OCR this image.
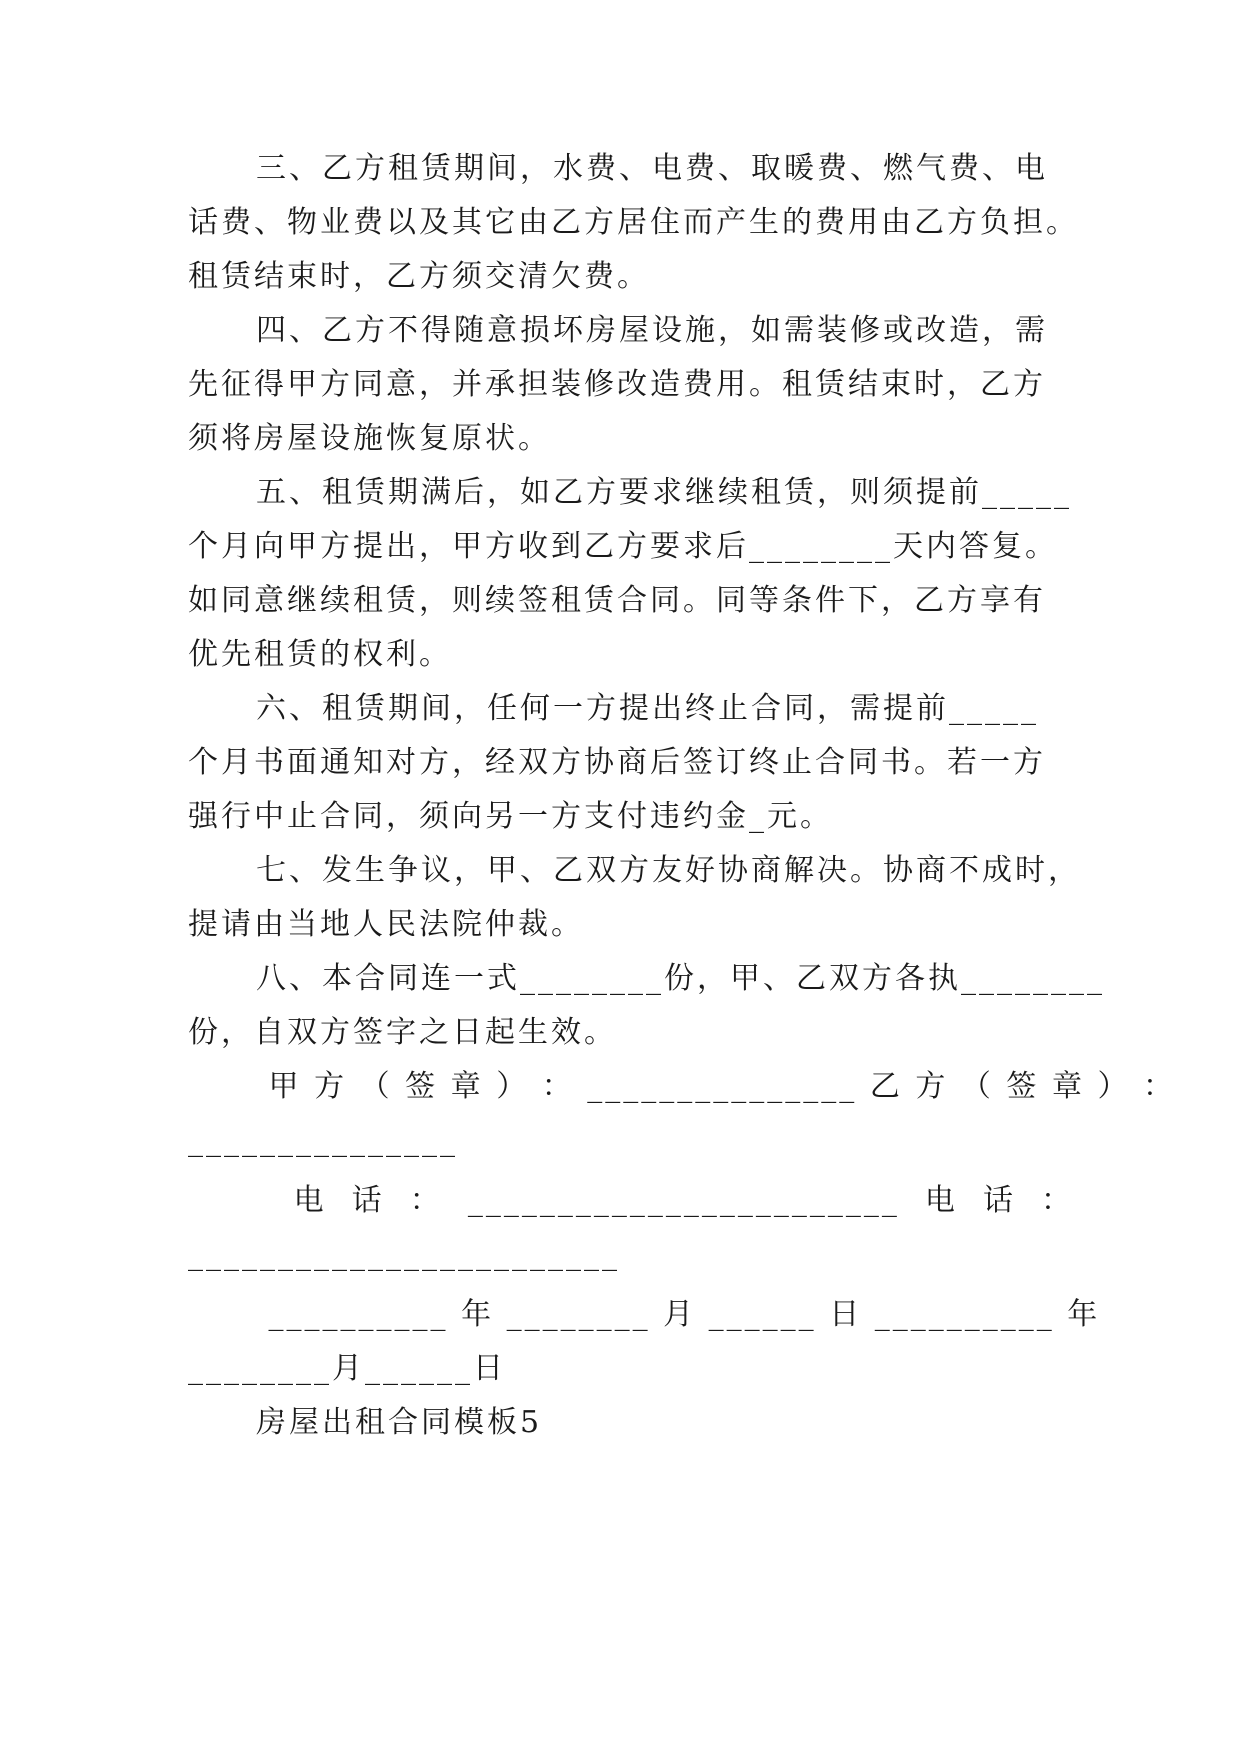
三、乙方租赁期间，水费、电费、取暖费、燃气费、电
话费、物业费以及其它由乙方居住而产生的费用由乙方负担。
租赁结束时，乙方须交清欠费。
四、乙方不得随意损坏房屋设施，如需装修或改造，需
先征得甲方同意，并承担装修改造费用。租赁结束时，乙方
须将房屋设施恢复原状。
五、租赁期满后，如乙方要求继续租赁，则须提前_____
个月向甲方提出，甲方收到乙方要求后________天内答复。
如同意继续租赁，则续签租赁合同。同等条件下，乙方享有
优先租赁的权利。
六、租赁期间，任何一方提出终止合同，需提前_____
个月书面通知对方，经双方协商后签订终止合同书。若一方
强行中止合同，须向另一方支付违约金_元。
七、发生争议，甲、乙双方友好协商解决。协商不成时，
提请由当地人民法院仲裁。
八、本合同连一式________份，甲、乙双方各执________
份，自双方签字之日起生效。
甲 方 （ 签 章 ） ： _______________ 乙 方 （ 签 章 ） ：
_______________
电  话  ：  ________________________  电  话  ：
________________________
__________ 年 ________ 月 ______ 日 __________ 年
________月______日
房屋出租合同模板5
